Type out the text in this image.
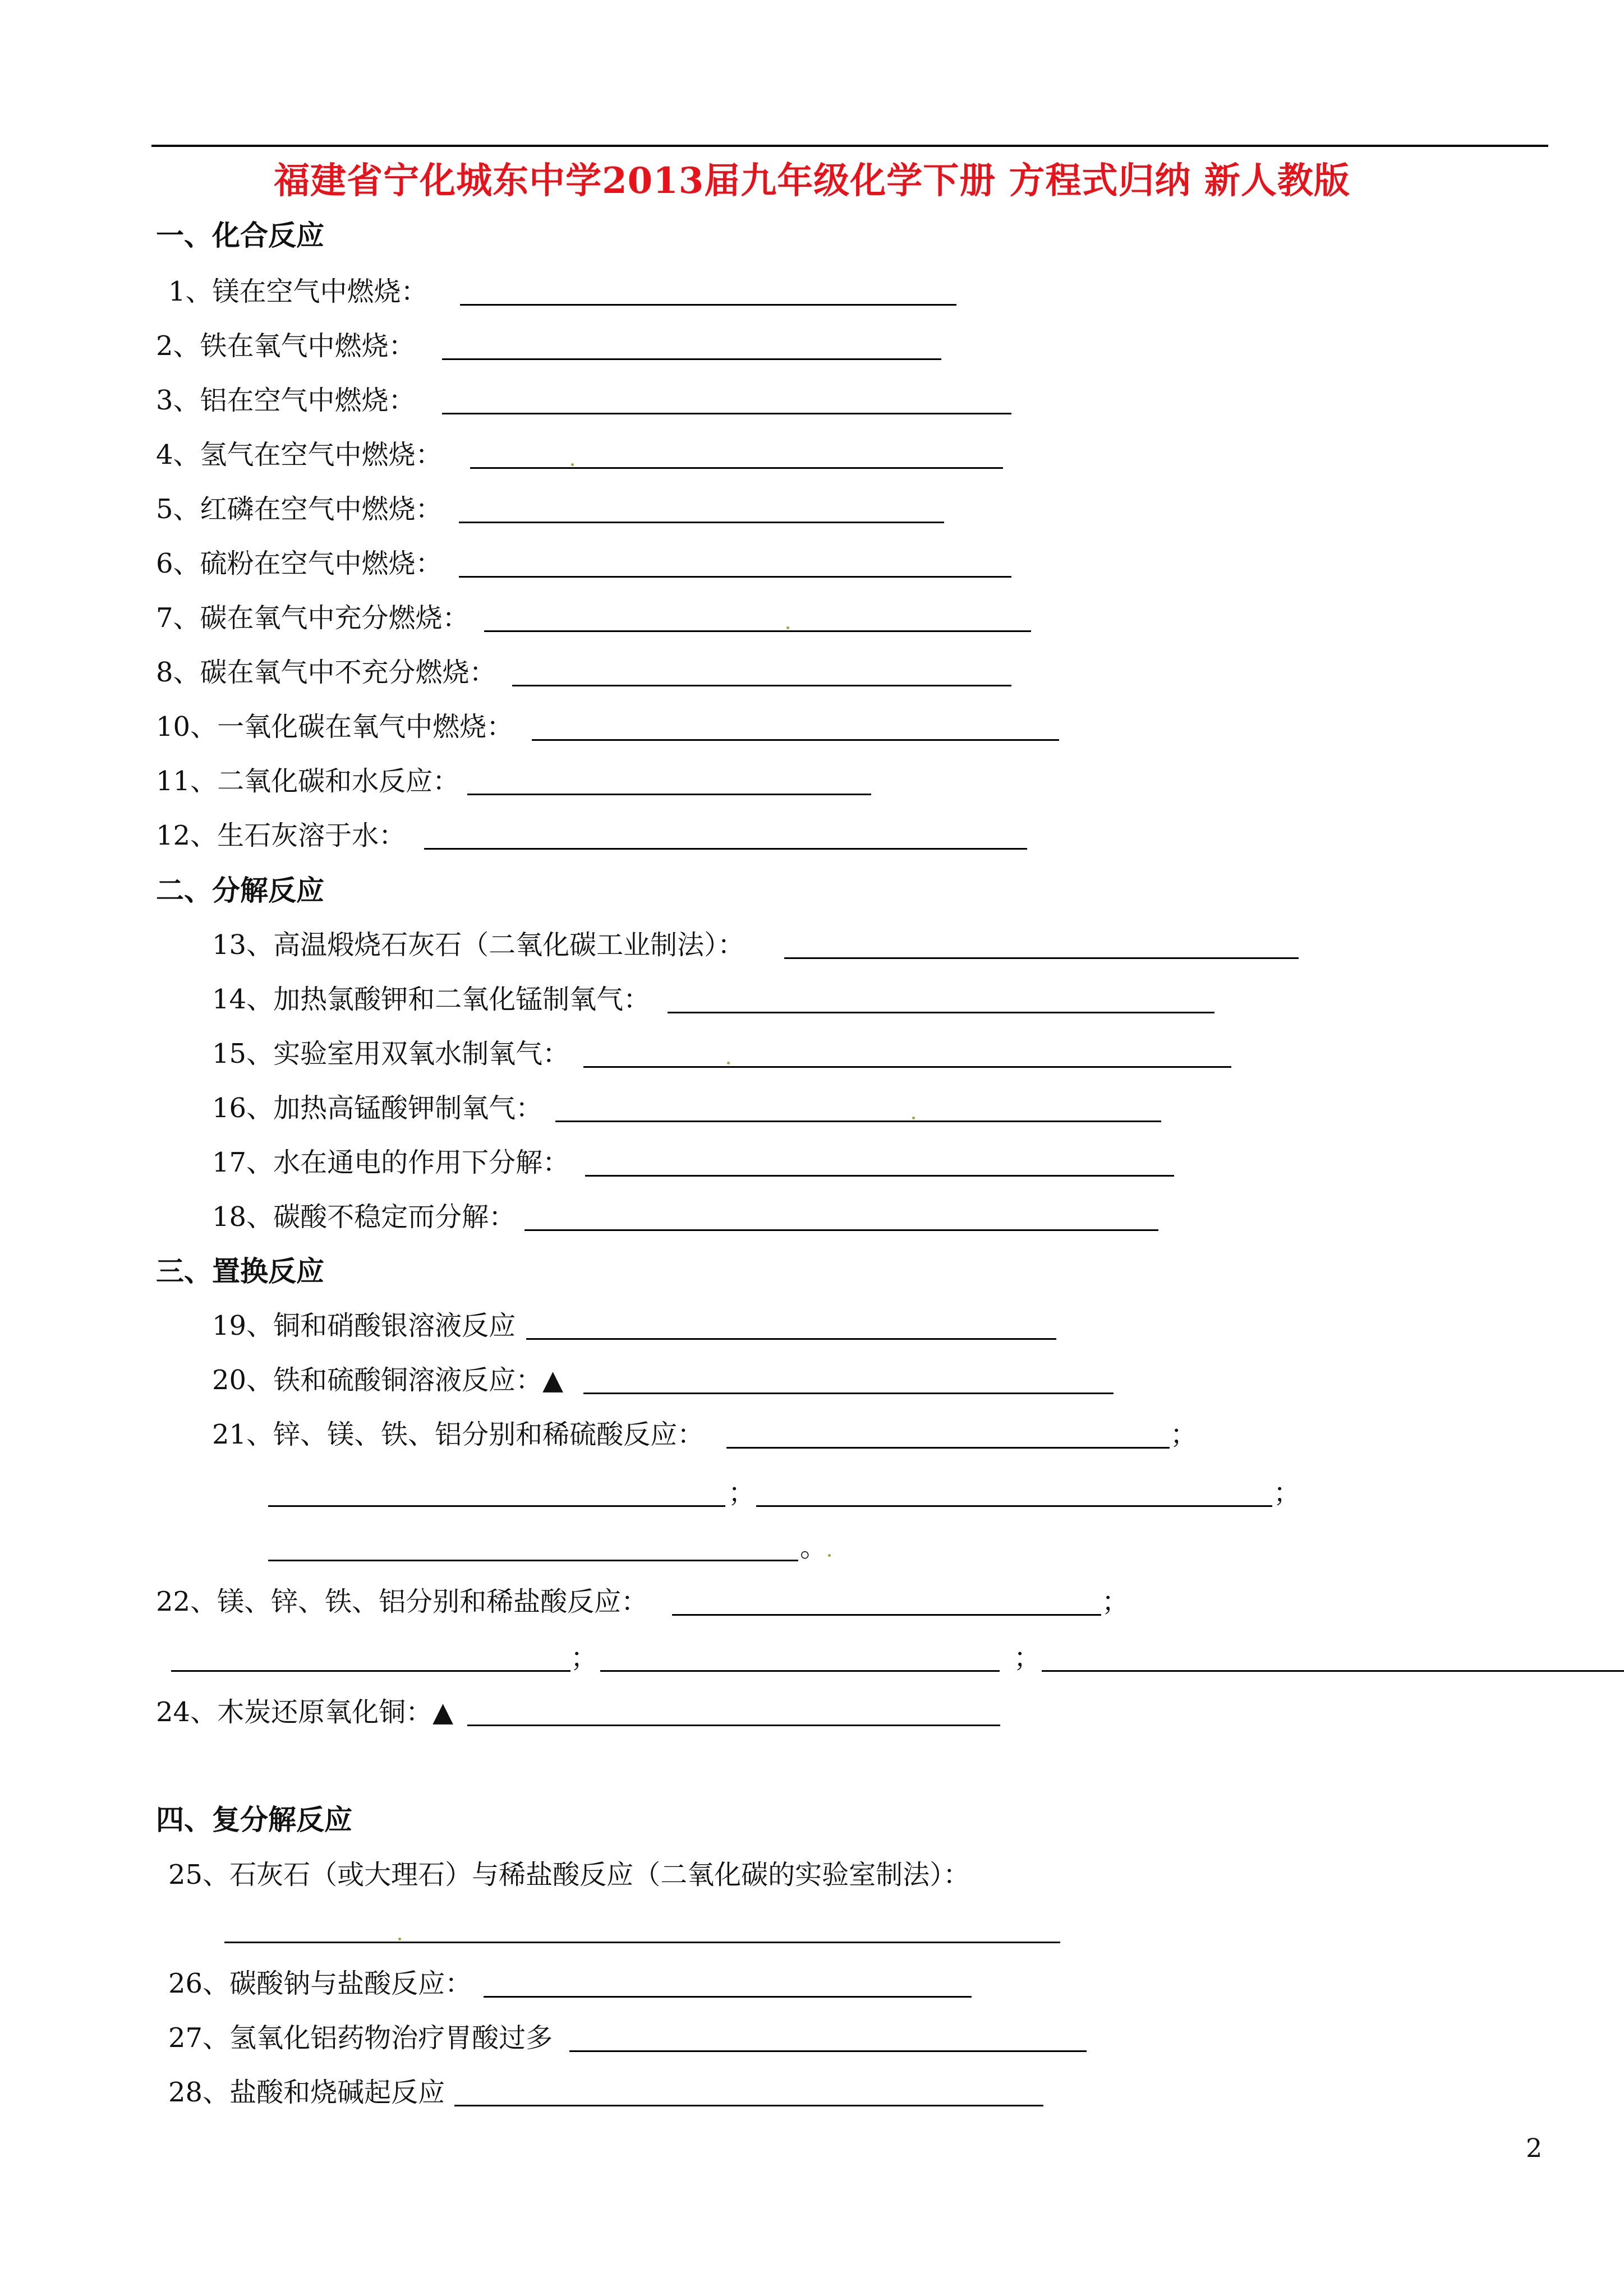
福建省宁化城东中学2013届九年级化学下册 方程式归纳 新人教版
一、化合反应
1、镁在空气中燃烧：
2、铁在氧气中燃烧：
3、铝在空气中燃烧：
4、氢气在空气中燃烧：
5、红磷在空气中燃烧：
6、硫粉在空气中燃烧：
7、碳在氧气中充分燃烧：
8、碳在氧气中不充分燃烧：
10、一氧化碳在氧气中燃烧：
11、二氧化碳和水反应：
12、生石灰溶于水：
二、分解反应
13、高温煅烧石灰石（二氧化碳工业制法）：
14、加热氯酸钾和二氧化锰制氧气：
15、实验室用双氧水制氧气：
16、加热高锰酸钾制氧气：
17、水在通电的作用下分解：
18、碳酸不稳定而分解：
三、置换反应
19、铜和硝酸银溶液反应
20、铁和硫酸铜溶液反应：▲
21、锌、镁、铁、铝分别和稀硫酸反应：	；
；	；
。
22、镁、锌、铁、铝分别和稀盐酸反应：	；
；	；
24、木炭还原氧化铜：▲
四、复分解反应
25、石灰石（或大理石）与稀盐酸反应（二氧化碳的实验室制法）：
26、碳酸钠与盐酸反应：
27、氢氧化铝药物治疗胃酸过多
28、盐酸和烧碱起反应
2
